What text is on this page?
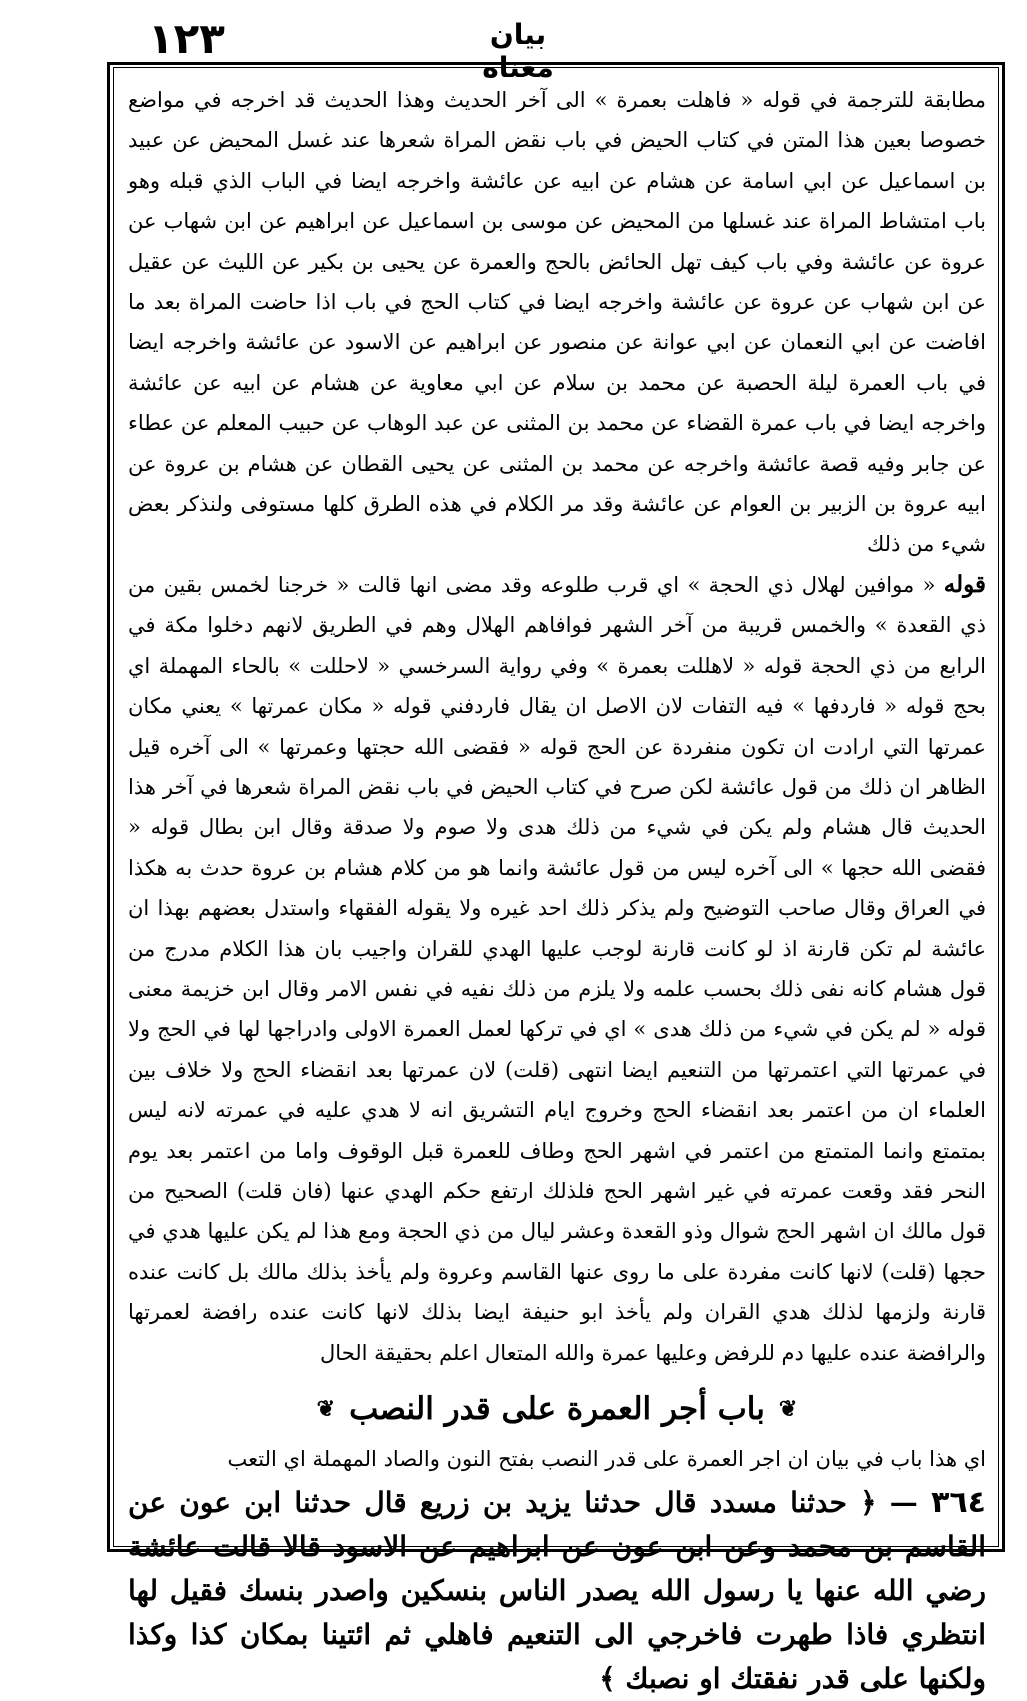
١٢٣	بيان معناه

مطابقة للترجمة في قوله « فاهلت بعمرة » الى آخر الحديث وهذا الحديث قد اخرجه في مواضع خصوصا بعين هذا المتن في كتاب الحيض في باب نقض المراة شعرها عند غسل المحيض عن عبيد بن اسماعيل عن ابي اسامة عن هشام عن ابيه عن عائشة واخرجه ايضا في الباب الذي قبله وهو باب امتشاط المراة عند غسلها من المحيض عن موسى بن اسماعيل عن ابراهيم عن ابن شهاب عن عروة عن عائشة وفي باب كيف تهل الحائض بالحج والعمرة عن يحيى بن بكير عن الليث عن عقيل عن ابن شهاب عن عروة عن عائشة واخرجه ايضا في كتاب الحج في باب اذا حاضت المراة بعد ما افاضت عن ابي النعمان عن ابي عوانة عن منصور عن ابراهيم عن الاسود عن عائشة واخرجه ايضا في باب العمرة ليلة الحصبة عن محمد بن سلام عن ابي معاوية عن هشام عن ابيه عن عائشة واخرجه ايضا في باب عمرة القضاء عن محمد بن المثنى عن عبد الوهاب عن حبيب المعلم عن عطاء عن جابر وفيه قصة عائشة واخرجه عن محمد بن المثنى عن يحيى القطان عن هشام بن عروة عن ابيه عروة بن الزبير بن العوام عن عائشة وقد مر الكلام في هذه الطرق كلها مستوفى ولنذكر بعض شيء من ذلك

قوله « موافين لهلال ذي الحجة » اي قرب طلوعه وقد مضى انها قالت « خرجنا لخمس بقين من ذي القعدة » والخمس قريبة من آخر الشهر فوافاهم الهلال وهم في الطريق لانهم دخلوا مكة في الرابع من ذي الحجة قوله « لاهللت بعمرة » وفي رواية السرخسي « لاحللت » بالحاء المهملة اي بحج قوله « فاردفها » فيه التفات لان الاصل ان يقال فاردفني قوله « مكان عمرتها » يعني مكان عمرتها التي ارادت ان تكون منفردة عن الحج قوله « فقضى الله حجتها وعمرتها » الى آخره قيل الظاهر ان ذلك من قول عائشة لكن صرح في كتاب الحيض في باب نقض المراة شعرها في آخر هذا الحديث قال هشام ولم يكن في شيء من ذلك هدى ولا صوم ولا صدقة وقال ابن بطال قوله « فقضى الله حجها » الى آخره ليس من قول عائشة وانما هو من كلام هشام بن عروة حدث به هكذا في العراق وقال صاحب التوضيح ولم يذكر ذلك احد غيره ولا يقوله الفقهاء واستدل بعضهم بهذا ان عائشة لم تكن قارنة اذ لو كانت قارنة لوجب عليها الهدي للقران واجيب بان هذا الكلام مدرج من قول هشام كانه نفى ذلك بحسب علمه ولا يلزم من ذلك نفيه في نفس الامر وقال ابن خزيمة معنى قوله « لم يكن في شيء من ذلك هدى » اي في تركها لعمل العمرة الاولى وادراجها لها في الحج ولا في عمرتها التي اعتمرتها من التنعيم ايضا انتهى (قلت) لان عمرتها بعد انقضاء الحج ولا خلاف بين العلماء ان من اعتمر بعد انقضاء الحج وخروج ايام التشريق انه لا هدي عليه في عمرته لانه ليس بمتمتع وانما المتمتع من اعتمر في اشهر الحج وطاف للعمرة قبل الوقوف واما من اعتمر بعد يوم النحر فقد وقعت عمرته في غير اشهر الحج فلذلك ارتفع حكم الهدي عنها (فان قلت) الصحيح من قول مالك ان اشهر الحج شوال وذو القعدة وعشر ليال من ذي الحجة ومع هذا لم يكن عليها هدي في حجها (قلت) لانها كانت مفردة على ما روى عنها القاسم وعروة ولم يأخذ بذلك مالك بل كانت عنده قارنة ولزمها لذلك هدي القران ولم يأخذ ابو حنيفة ايضا بذلك لانها كانت عنده رافضة لعمرتها والرافضة عنده عليها دم للرفض وعليها عمرة والله المتعال اعلم بحقيقة الحال

❦
باب أجر العمرة على قدر النصب
❦

اي هذا باب في بيان ان اجر العمرة على قدر النصب بفتح النون والصاد المهملة اي التعب

٣٦٤ — ﴿ حدثنا مسدد قال حدثنا يزيد بن زريع قال حدثنا ابن عون عن القاسم بن محمد وعن ابن عون عن ابراهيم عن الاسود قالا قالت عائشة رضي الله عنها يا رسول الله يصدر الناس بنسكين واصدر بنسك فقيل لها انتظري فاذا طهرت فاخرجي الى التنعيم فاهلي ثم ائتينا بمكان كذا وكذا ولكنها على قدر نفقتك او نصبك ﴾
